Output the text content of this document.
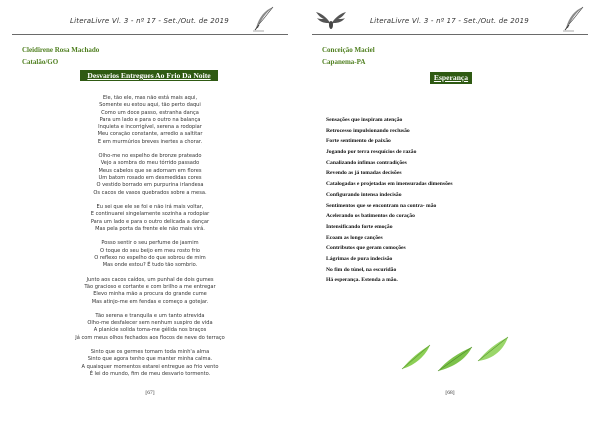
LiteraLivre Vl. 3 - nº 17 - Set./Out. de 2019
Cleidirene Rosa Machado
Catalão/GO
Desvarios Entregues Ao Frio Da Noite
Ele, tão ele, mas não está mais aqui,
Somente eu estou aqui, tão perto daqui
Como um doce passo, estranha dança
Para um lado e para o outro na balança
Inquieta e incorrigível, serena a rodopiar
Meu coração constante, arredio a saltitar
E em murmúrios breves inertes a chorar.
Olho-me no espelho de bronze prateado
Vejo a sombra do meu tórrido passado
Meus cabelos que se adornam em flores
Um batom rosado em desmedidas cores
O vestido borrado em purpurina irlandesa
Os cacos de vasos quebrados sobre a mesa.
Eu sei que ele se foi e não irá mais voltar,
E continuarei singelamente sozinha a rodopiar
Para um lado e para o outro delicada a dançar
Mas pela porta da frente ele não mais virá.
Posso sentir o seu perfume de jasmim
O toque do seu beijo em meu rosto frio
O reflexo no espelho do que sobrou de mim
Mas onde estou? É tudo tão sombrio.
Junto aos cacos caídos, um punhal de dois gumes
Tão gracioso e cortante e com brilho a me entregar
Elevo minha mão a procura do grande cume
Mas atinjo-me em fendas e começo a gotejar.
Tão serena e tranquila e um tanto atrevida
Olho-me desfalecer sem nenhum suspiro de vida
A planície solida toma-me gélida nos braços
Já com meus olhos fechados aos flocos de neve do terraço
Sinto que os germes tomam toda minh'a alma
Sinto que agora tenho que manter minha calma.
A quaisquer momentos estarei entregue ao frio vento
É lei do mundo, fim de meu desvario tormento.
[67]
LiteraLivre Vl. 3 - nº 17 - Set./Out. de 2019
Conceição Maciel
Capanema-PA
Esperança
Sensações que inspiram atenção
Retrocesso impulsionando reclusão
Forte sentimento de paixão
Jogando por terra resquícios de razão
Canalizando ínfimas contradições
Revendo as já tomadas decisões
Catalogadas e projetadas em imensuradas dimensões
Configurando intensa indecisão
Sentimentos que se encontram na contra- mão
Acelerando os batimentos do coração
Intensificando forte emoção
Ecoam as longe canções
Contributos que geram comoções
Lágrimas de pura indecisão
No fim do túnel, na escuridão
Há esperança. Estenda a mão.
[68]
